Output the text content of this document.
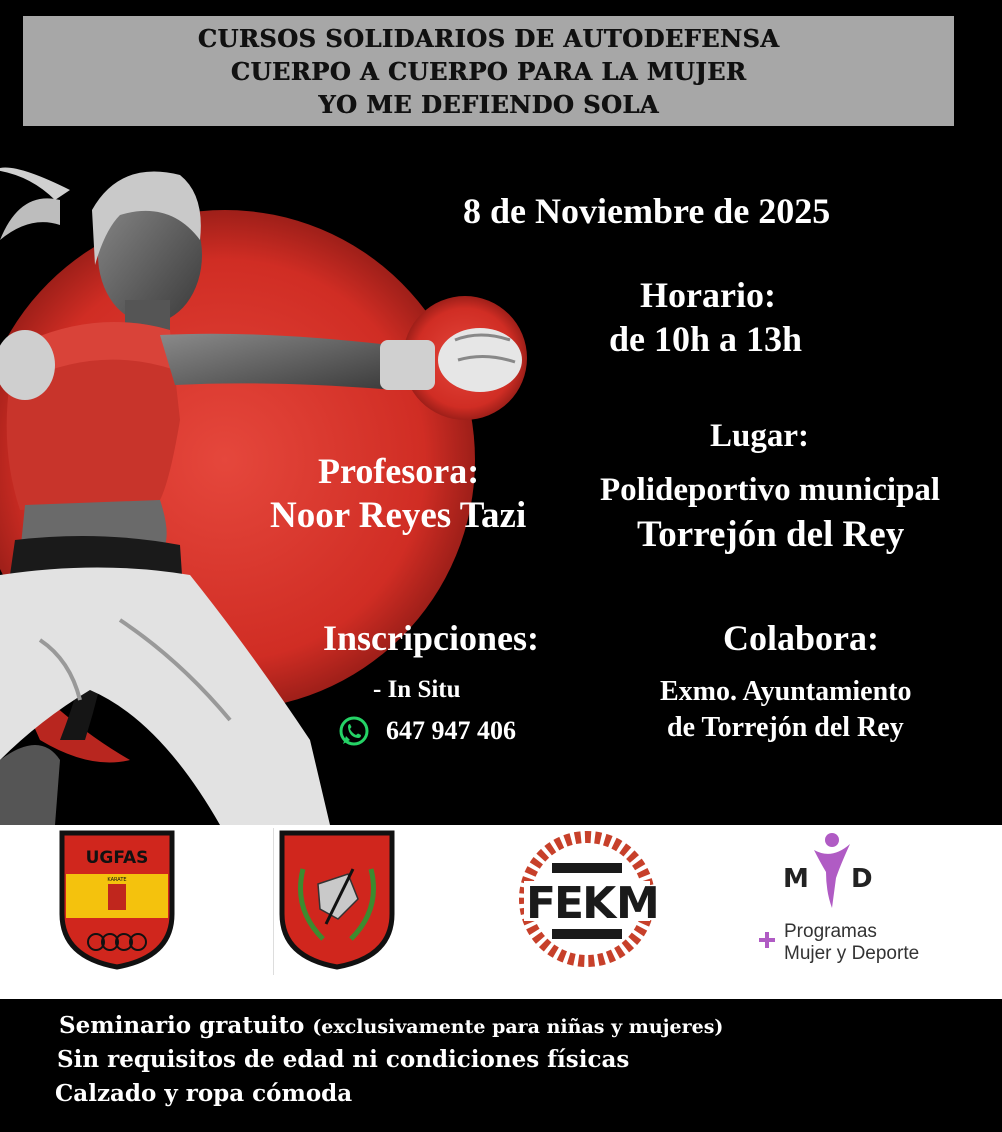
CURSOS SOLIDARIOS DE AUTODEFENSA
CUERPO A CUERPO PARA LA MUJER
YO ME DEFIENDO SOLA
8 de Noviembre de 2025
Horario:
de 10h a 13h
Lugar:
Polideportivo municipal
Torrejón del Rey
Profesora:
Noor Reyes Tazi
Inscripciones:
- In Situ
647 947 406
Colabora:
Exmo. Ayuntamiento
de Torrejón del Rey
UGFAS
KARATE	FEK M	M D
Programas
Mujer y Deporte
Seminario gratuito (exclusivamente para niñas y mujeres)
Sin requisitos de edad ni condiciones físicas
Calzado y ropa cómoda
